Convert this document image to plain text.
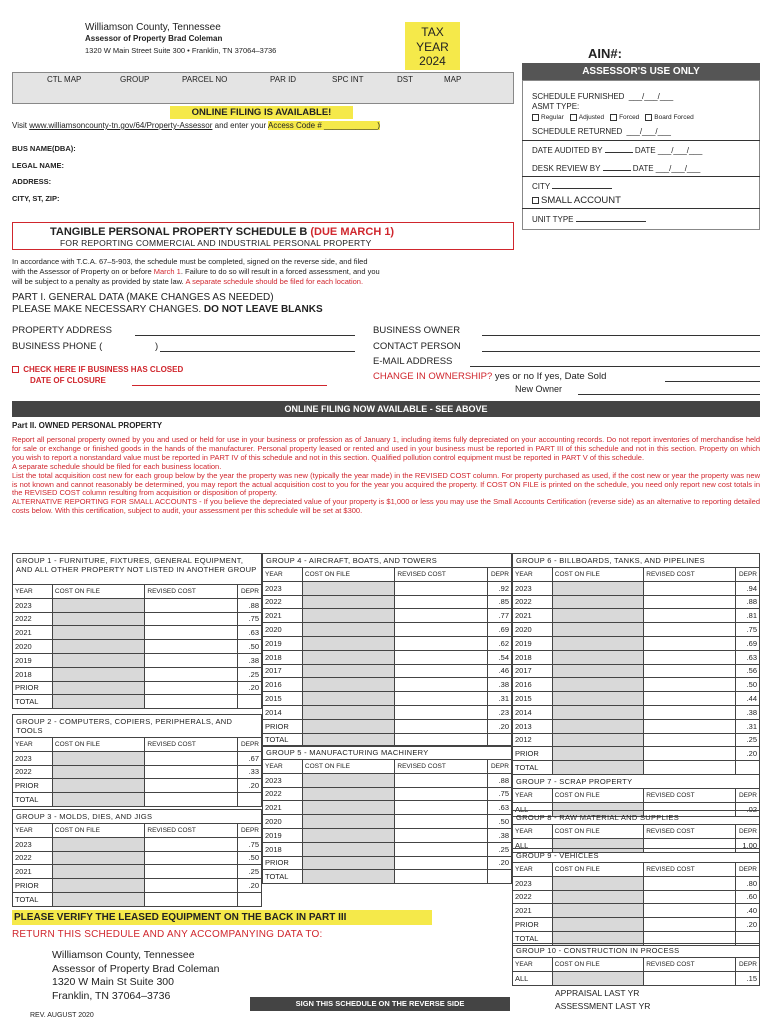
Williamson County, Tennessee
Assessor of Property Brad Coleman
1320 W Main Street Suite 300 • Franklin, TN 37064–3736
TAX
YEAR
2024	AIN#:
CTL MAP	GROUP	PARCEL NO	PAR ID	SPC INT	DST	MAP
ONLINE FILING IS AVAILABLE!
Visit www.williamsoncounty-tn.gov/64/Property-Assessor and enter your Access Code # ____________)
BUS NAME(DBA):
LEGAL NAME:
ADDRESS:
CITY, ST, ZIP:
ASSESSOR'S USE ONLY
SCHEDULE FURNISHED ___/___/___
ASMT TYPE:
Regular Adjusted Forced Board Forced
SCHEDULE RETURNED ___/___/___
DATE AUDITED BY	DATE ___/___/___
DESK REVIEW BY	DATE ___/___/___
CITY
SMALL ACCOUNT
UNIT TYPE
TANGIBLE PERSONAL PROPERTY SCHEDULE B (DUE MARCH 1)
FOR REPORTING COMMERCIAL AND INDUSTRIAL PERSONAL PROPERTY
In accordance with T.C.A. 67–5-903, the schedule must be completed, signed on the reverse side, and filed
with the Assessor of Property on or before March 1. Failure to do so will result in a forced assessment, and you
will be subject to a penalty as provided by state law. A separate schedule should be filed for each location.
PART I. GENERAL DATA (MAKE CHANGES AS NEEDED)
PLEASE MAKE NECESSARY CHANGES. DO NOT LEAVE BLANKS
PROPERTY ADDRESS
BUSINESS PHONE (	)
CHECK HERE IF BUSINESS HAS CLOSED
DATE OF CLOSURE
BUSINESS OWNER
CONTACT PERSON
E-MAIL ADDRESS
CHANGE IN OWNERSHIP? yes or no If yes, Date Sold
New Owner
ONLINE FILING NOW AVAILABLE - SEE ABOVE
Part II. OWNED PERSONAL PROPERTY
Report all personal property owned by you and used or held for use in your business or profession as of January 1, including items fully depreciated on your accounting records. Do not report inventories of merchandise held for sale or exchange or finished goods in the hands of the manufacturer. Personal property leased or rented and used in your business must be reported in PART III of this schedule and not in this section. Property on which you wish to report a nonstandard value must be reported in PART IV of this schedule and not in this section. Qualified pollution control equipment must be reported in PART V of this schedule.
A separate schedule should be filed for each business location.
List the total acquisition cost new for each group below by the year the property was new (typically the year made) in the REVISED COST column. For property purchased as used, if the cost new or year the property was new is not known and cannot reasonably be determined, you may report the actual acquisition cost to you for the year you acquired the property. If COST ON FILE is printed on the schedule, you need only report new cost totals in the REVISED COST column resulting from acquisition or disposition of property.
ALTERNATIVE REPORTING FOR SMALL ACCOUNTS - If you believe the depreciated value of your property is $1,000 or less you may use the Small Accounts Certification (reverse side) as an alternative to reporting detailed costs below. With this certification, subject to audit, your assessment per this schedule will be set at $300.
GROUP 1 - FURNITURE, FIXTURES, GENERAL EQUIPMENT, AND ALL OTHER PROPERTY NOT LISTED IN ANOTHER GROUP
YEAR	COST ON FILE	REVISED COST	DEPR
2023			.88
2022			.75
2021			.63
2020			.50
2019			.38
2018			.25
PRIOR			.20
TOTAL			
GROUP 2 - COMPUTERS, COPIERS, PERIPHERALS, AND TOOLS
YEAR	COST ON FILE	REVISED COST	DEPR
2023			.67
2022			.33
PRIOR			.20
TOTAL			
GROUP 3 - MOLDS, DIES, AND JIGS
YEAR	COST ON FILE	REVISED COST	DEPR
2023			.75
2022			.50
2021			.25
PRIOR			.20
TOTAL			
GROUP 4 - AIRCRAFT, BOATS, AND TOWERS
YEAR	COST ON FILE	REVISED COST	DEPR
2023			.92
2022			.85
2021			.77
2020			.69
2019			.62
2018			.54
2017			.46
2016			.38
2015			.31
2014			.23
PRIOR			.20
TOTAL			
GROUP 5 - MANUFACTURING MACHINERY
YEAR	COST ON FILE	REVISED COST	DEPR
2023			.88
2022			.75
2021			.63
2020			.50
2019			.38
2018			.25
PRIOR			.20
TOTAL			
GROUP 6 - BILLBOARDS, TANKS, AND PIPELINES
YEAR	COST ON FILE	REVISED COST	DEPR
2023			.94
2022			.88
2021			.81
2020			.75
2019			.69
2018			.63
2017			.56
2016			.50
2015			.44
2014			.38
2013			.31
2012			.25
PRIOR			.20
TOTAL			
GROUP 7 - SCRAP PROPERTY
YEAR	COST ON FILE	REVISED COST	DEPR
ALL			.02
GROUP 8 - RAW MATERIAL AND SUPPLIES
YEAR	COST ON FILE	REVISED COST	DEPR
ALL			1.00
GROUP 9 - VEHICLES
YEAR	COST ON FILE	REVISED COST	DEPR
2023			.80
2022			.60
2021			.40
PRIOR			.20
TOTAL			
GROUP 10 - CONSTRUCTION IN PROCESS
YEAR	COST ON FILE	REVISED COST	DEPR
ALL			.15
PLEASE VERIFY THE LEASED EQUIPMENT ON THE BACK IN PART III
RETURN THIS SCHEDULE AND ANY ACCOMPANYING DATA TO:
Williamson County, Tennessee
Assessor of Property Brad Coleman
1320 W Main St Suite 300
Franklin, TN 37064–3736
SIGN THIS SCHEDULE ON THE REVERSE SIDE
REV. AUGUST 2020
APPRAISAL LAST YR
ASSESSMENT LAST YR
